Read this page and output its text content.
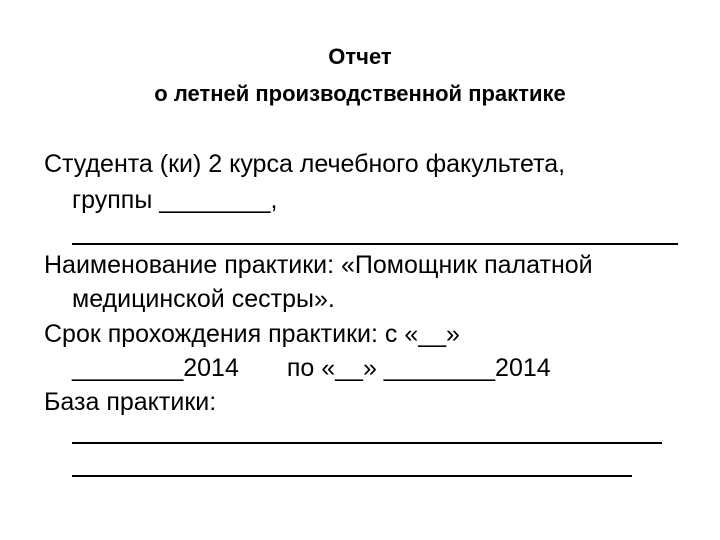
Отчет
о летней производственной практике
Студента (ки) 2 курса лечебного факультета,
группы ________,
Наименование практики: «Помощник палатной
медицинской сестры».
Срок прохождения практики: с «__»
________2014 по «__» ________2014
База практики:
